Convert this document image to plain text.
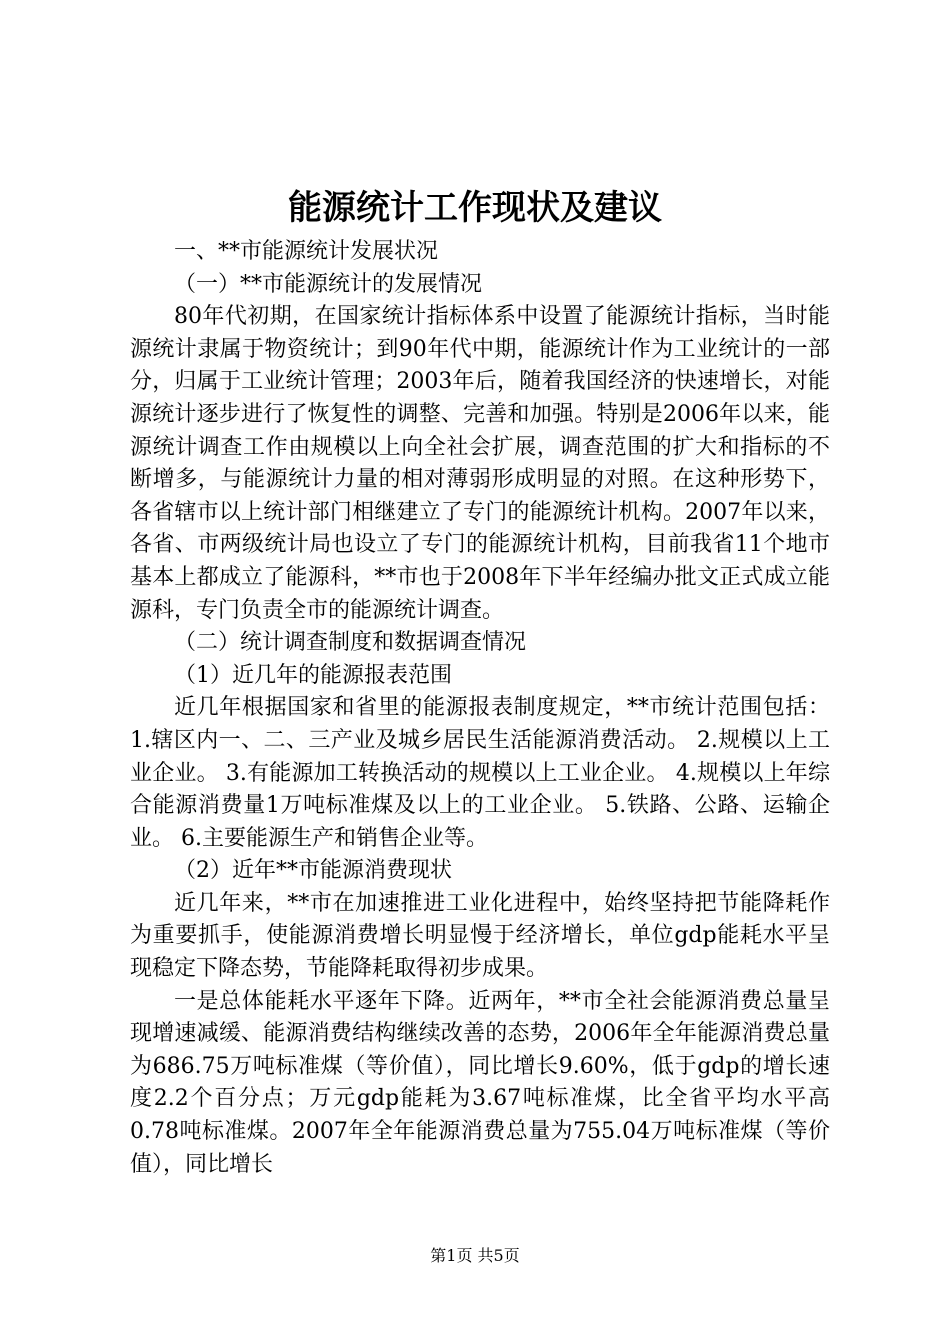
能源统计工作现状及建议

一、**市能源统计发展状况

（一）**市能源统计的发展情况

80年代初期，在国家统计指标体系中设置了能源统计指标，当时能源统计隶属于物资统计；到90年代中期，能源统计作为工业统计的一部分，归属于工业统计管理；2003年后，随着我国经济的快速增长，对能源统计逐步进行了恢复性的调整、完善和加强。特别是2006年以来，能源统计调查工作由规模以上向全社会扩展，调查范围的扩大和指标的不断增多，与能源统计力量的相对薄弱形成明显的对照。在这种形势下，各省辖市以上统计部门相继建立了专门的能源统计机构。2007年以来，各省、市两级统计局也设立了专门的能源统计机构，目前我省11个地市基本上都成立了能源科，**市也于2008年下半年经编办批文正式成立能源科，专门负责全市的能源统计调查。

（二）统计调查制度和数据调查情况

（1）近几年的能源报表范围

近几年根据国家和省里的能源报表制度规定，**市统计范围包括： 1.辖区内一、二、三产业及城乡居民生活能源消费活动。 2.规模以上工业企业。 3.有能源加工转换活动的规模以上工业企业。 4.规模以上年综合能源消费量1万吨标准煤及以上的工业企业。 5.铁路、公路、运输企业。 6.主要能源生产和销售企业等。

（2）近年**市能源消费现状

近几年来，**市在加速推进工业化进程中，始终坚持把节能降耗作为重要抓手，使能源消费增长明显慢于经济增长，单位gdp能耗水平呈现稳定下降态势，节能降耗取得初步成果。

一是总体能耗水平逐年下降。近两年，**市全社会能源消费总量呈现增速减缓、能源消费结构继续改善的态势，2006年全年能源消费总量为686.75万吨标准煤（等价值），同比增长9.60%，低于gdp的增长速度2.2个百分点；万元gdp能耗为3.67吨标准煤，比全省平均水平高0.78吨标准煤。2007年全年能源消费总量为755.04万吨标准煤（等价值），同比增长

第1页 共5页
